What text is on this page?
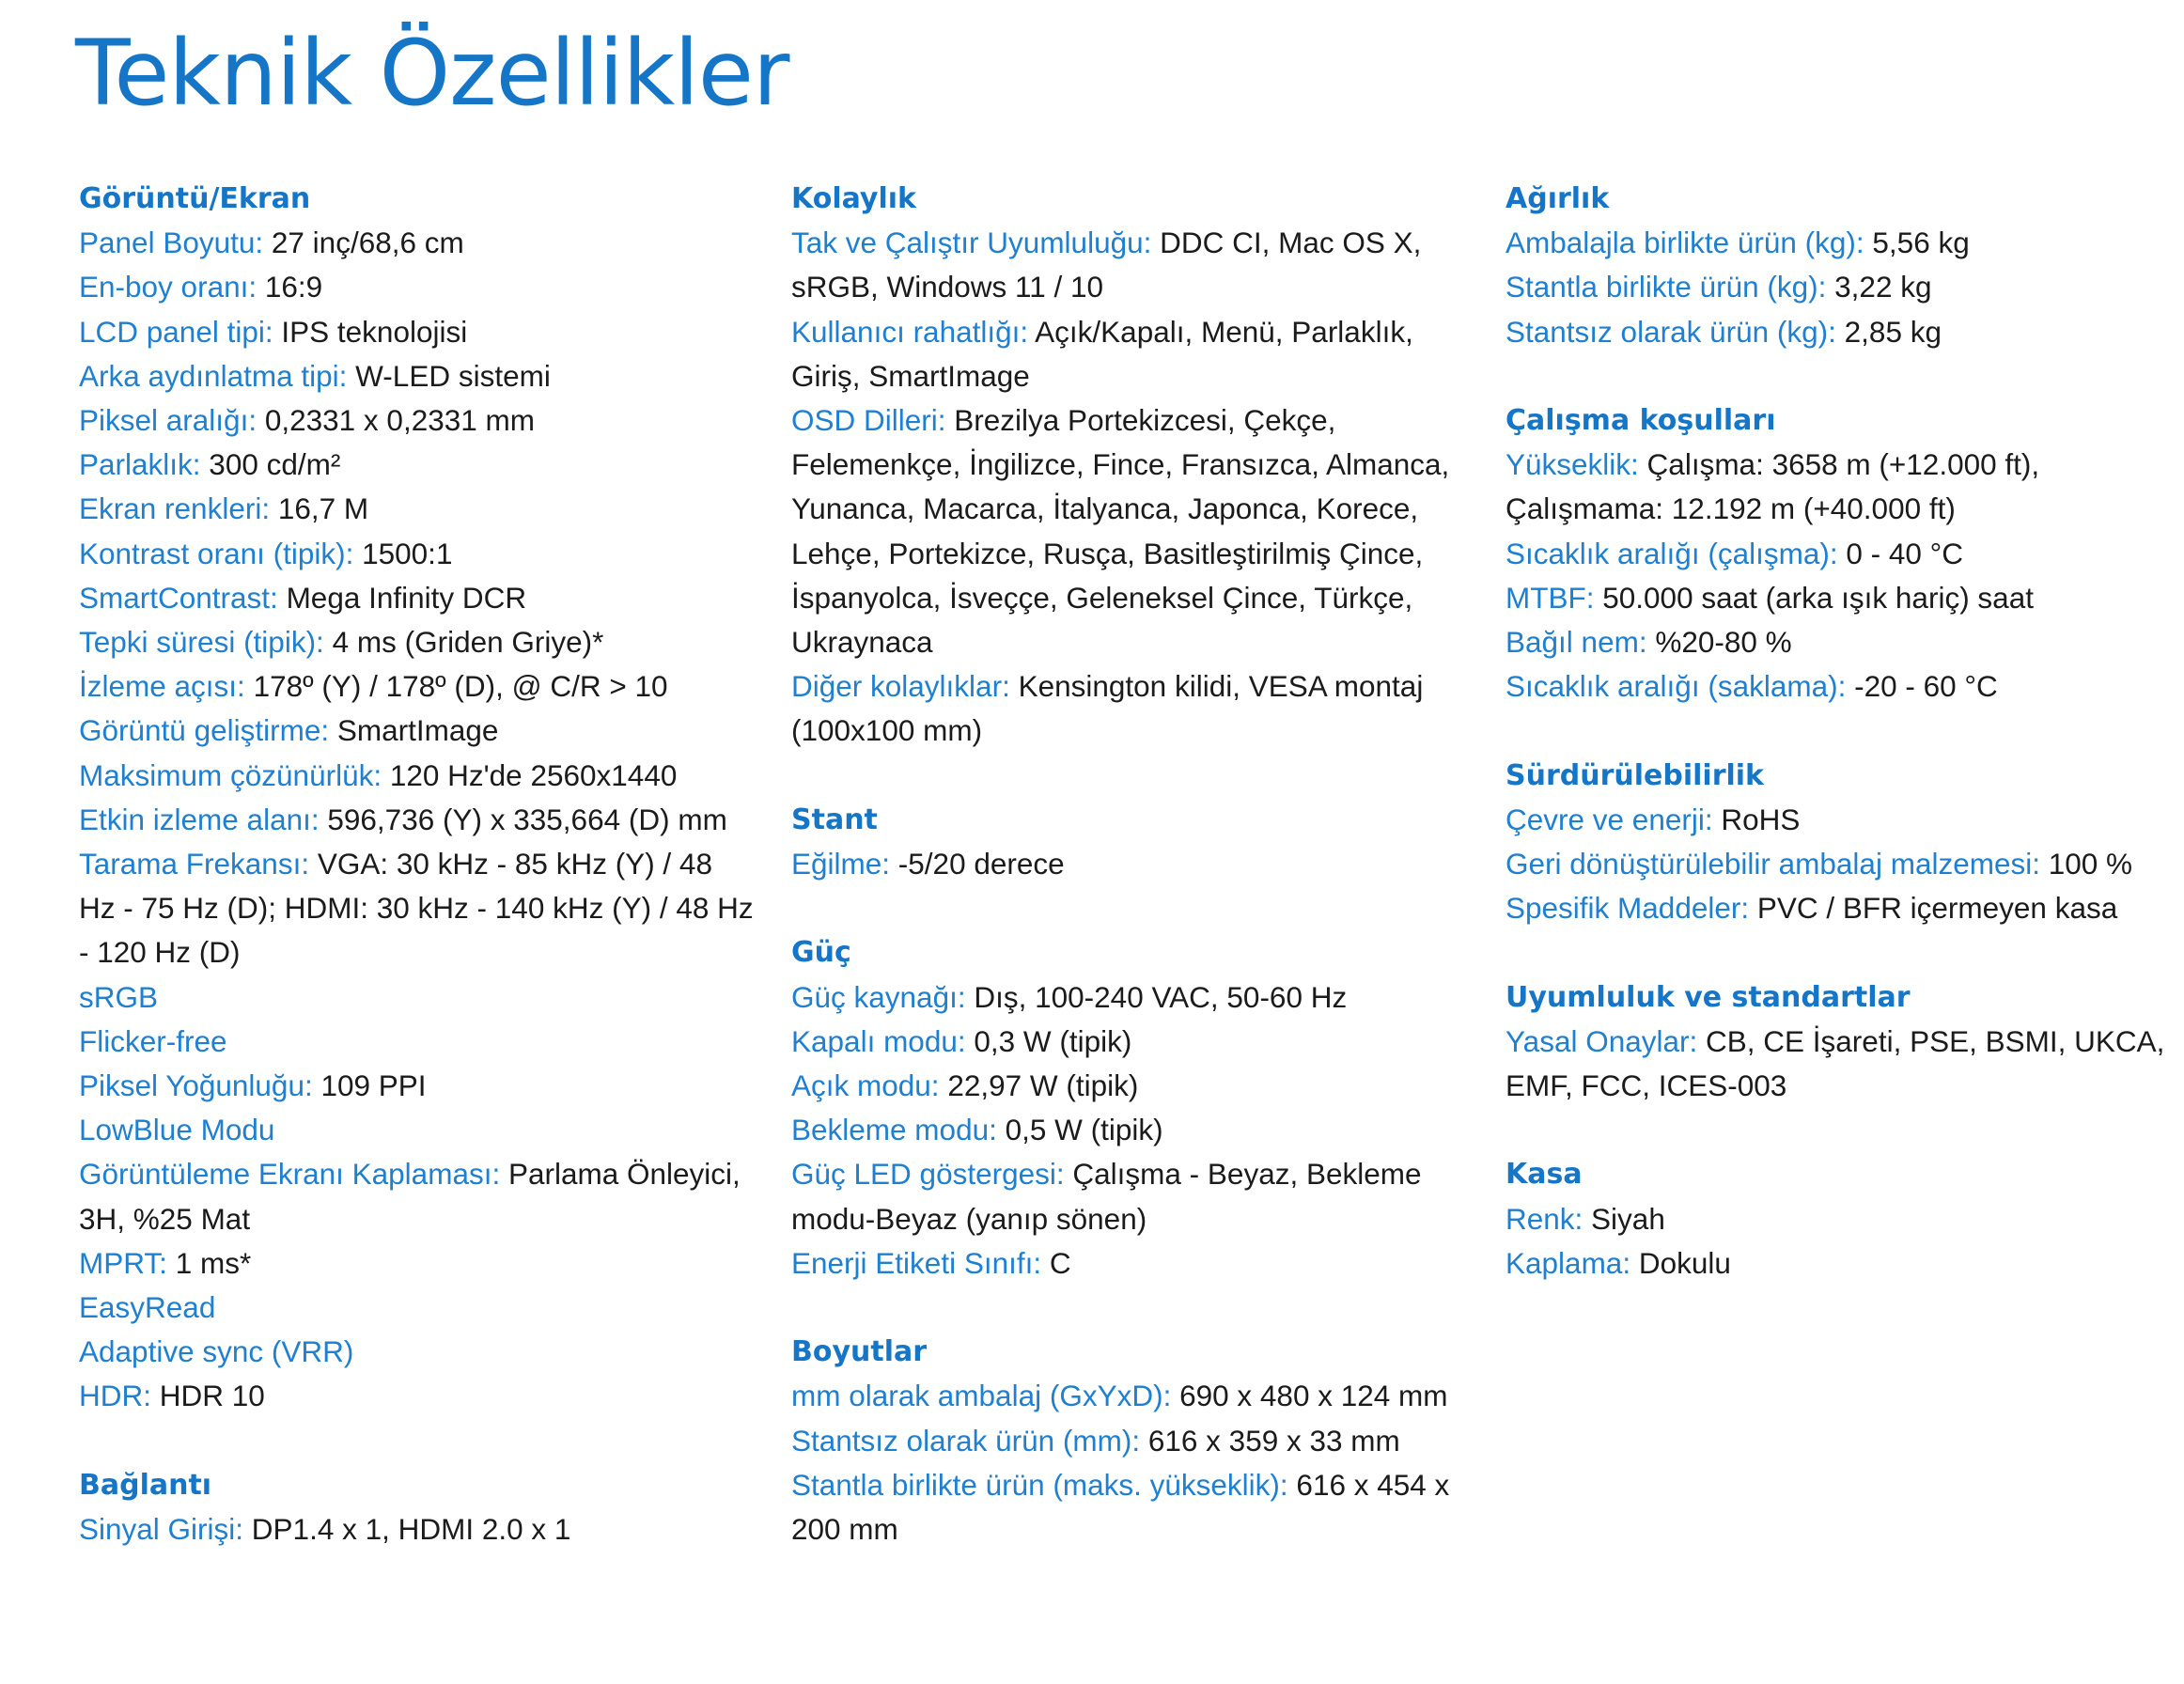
Teknik Özellikler
Görüntü/Ekran

Panel Boyutu: 27 inç/68,6 cm

En-boy oranı: 16:9

LCD panel tipi: IPS teknolojisi

Arka aydınlatma tipi: W-LED sistemi

Piksel aralığı: 0,2331 x 0,2331 mm

Parlaklık: 300 cd/m²

Ekran renkleri: 16,7 M

Kontrast oranı (tipik): 1500:1

SmartContrast: Mega Infinity DCR

Tepki süresi (tipik): 4 ms (Griden Griye)*

İzleme açısı: 178º (Y) / 178º (D), @ C/R > 10

Görüntü geliştirme: SmartImage

Maksimum çözünürlük: 120 Hz'de 2560x1440

Etkin izleme alanı: 596,736 (Y) x 335,664 (D) mm

Tarama Frekansı: VGA: 30 kHz - 85 kHz (Y) / 48 Hz - 75 Hz (D); HDMI: 30 kHz - 140 kHz (Y) / 48 Hz - 120 Hz (D)

sRGB

Flicker-free

Piksel Yoğunluğu: 109 PPI

LowBlue Modu

Görüntüleme Ekranı Kaplaması: Parlama Önleyici, 3H, %25 Mat

MPRT: 1 ms*

EasyRead

Adaptive sync (VRR)

HDR: HDR 10

Bağlantı

Sinyal Girişi: DP1.4 x 1, HDMI 2.0 x 1

Kolaylık

Tak ve Çalıştır Uyumluluğu: DDC CI, Mac OS X, sRGB, Windows 11 / 10

Kullanıcı rahatlığı: Açık/Kapalı, Menü, Parlaklık, Giriş, SmartImage

OSD Dilleri: Brezilya Portekizcesi, Çekçe, Felemenkçe, İngilizce, Fince, Fransızca, Almanca, Yunanca, Macarca, İtalyanca, Japonca, Korece, Lehçe, Portekizce, Rusça, Basitleştirilmiş Çince, İspanyolca, İsveççe, Geleneksel Çince, Türkçe, Ukraynaca

Diğer kolaylıklar: Kensington kilidi, VESA montaj (100x100 mm)

Stant

Eğilme: -5/20 derece

Güç

Güç kaynağı: Dış, 100-240 VAC, 50-60 Hz

Kapalı modu: 0,3 W (tipik)

Açık modu: 22,97 W (tipik)

Bekleme modu: 0,5 W (tipik)

Güç LED göstergesi: Çalışma - Beyaz, Bekleme modu-Beyaz (yanıp sönen)

Enerji Etiketi Sınıfı: C

Boyutlar

mm olarak ambalaj (GxYxD): 690 x 480 x 124 mm

Stantsız olarak ürün (mm): 616 x 359 x 33 mm

Stantla birlikte ürün (maks. yükseklik): 616 x 454 x 200 mm

Ağırlık

Ambalajla birlikte ürün (kg): 5,56 kg

Stantla birlikte ürün (kg): 3,22 kg

Stantsız olarak ürün (kg): 2,85 kg

Çalışma koşulları

Yükseklik: Çalışma: 3658 m (+12.000 ft), Çalışmama: 12.192 m (+40.000 ft)

Sıcaklık aralığı (çalışma): 0 - 40 °C

MTBF: 50.000 saat (arka ışık hariç) saat

Bağıl nem: %20-80 %

Sıcaklık aralığı (saklama): -20 - 60 °C

Sürdürülebilirlik

Çevre ve enerji: RoHS

Geri dönüştürülebilir ambalaj malzemesi: 100 %

Spesifik Maddeler: PVC / BFR içermeyen kasa

Uyumluluk ve standartlar

Yasal Onaylar: CB, CE İşareti, PSE, BSMI, UKCA, EMF, FCC, ICES-003

Kasa

Renk: Siyah

Kaplama: Dokulu
